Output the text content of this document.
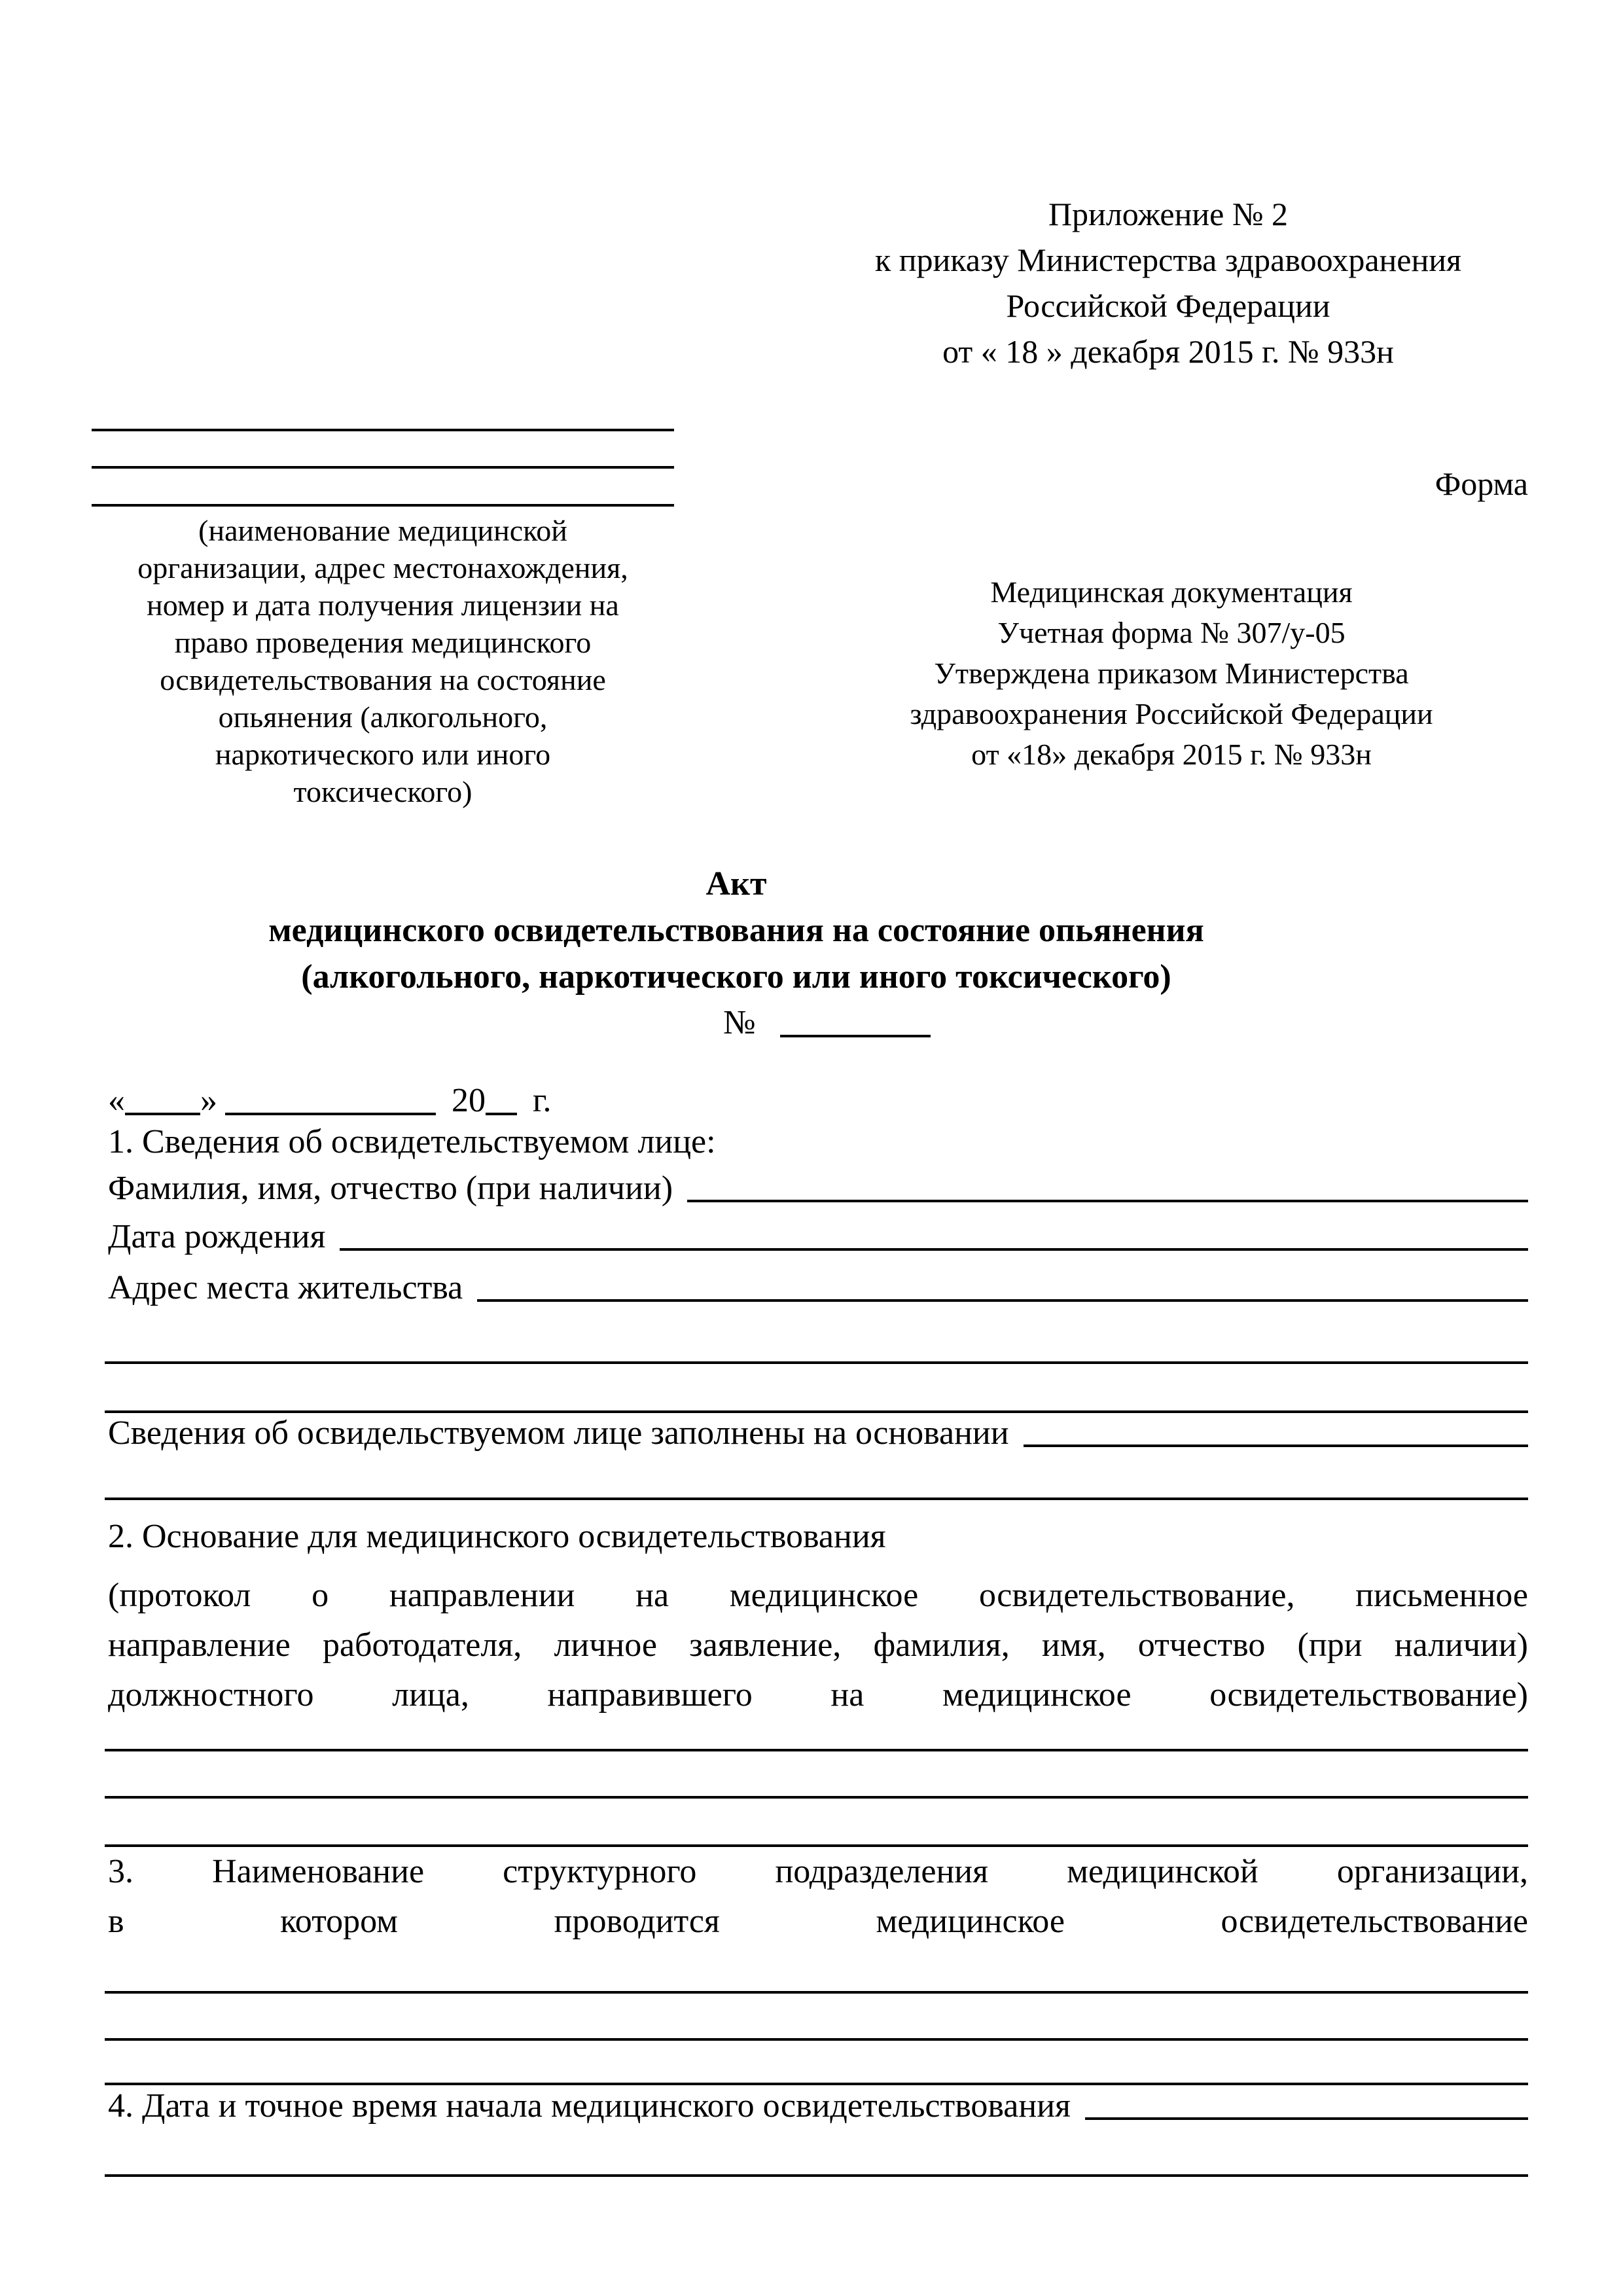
Приложение № 2
к приказу Министерства здравоохранения
Российской Федерации
от « 18 » декабря 2015 г. № 933н
(наименование медицинской
организации, адрес местонахождения,
номер и дата получения лицензии на
право проведения медицинского
освидетельствования на состояние
опьянения (алкогольного,
наркотического или иного
токсического)
Форма
Медицинская документация
Учетная форма № 307/у-05
Утверждена приказом Министерства
здравоохранения Российской Федерации
от «18» декабря 2015 г. № 933н
Акт
медицинского освидетельствования на состояние опьянения
(алкогольного, наркотического или иного токсического)
№
« »	20 г.
1. Сведения об освидетельствуемом лице:
Фамилия, имя, отчество (при наличии)
Дата рождения
Адрес места жительства
Сведения об освидельствуемом лице заполнены на основании
2. Основание для медицинского освидетельствования
(протокол о направлении на медицинское освидетельствование, письменное
направление работодателя, личное заявление, фамилия, имя, отчество (при наличии)
должностного лица, направившего на медицинское освидетельствование)
3. Наименование структурного подразделения медицинской организации,
в котором проводится медицинское освидетельствование
4. Дата и точное время начала медицинского освидетельствования
